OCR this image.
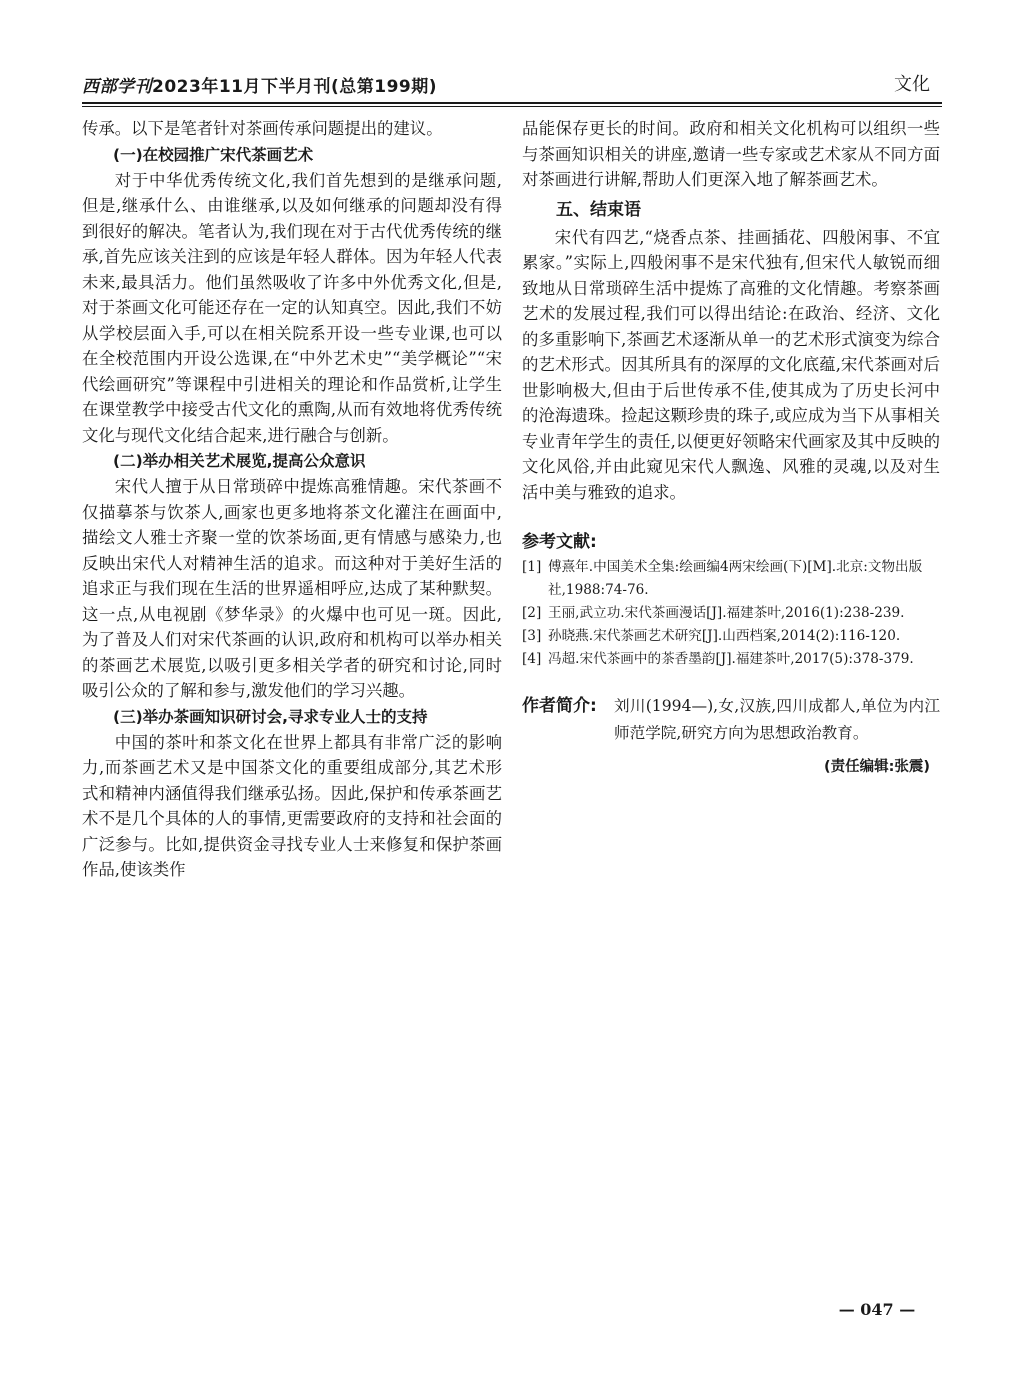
西部学刊2023年11月下半月刊(总第199期)	文化

传承。以下是笔者针对茶画传承问题提出的建议。

(一)在校园推广宋代茶画艺术

对于中华优秀传统文化,我们首先想到的是继承问题,但是,继承什么、由谁继承,以及如何继承的问题却没有得到很好的解决。笔者认为,我们现在对于古代优秀传统的继承,首先应该关注到的应该是年轻人群体。因为年轻人代表未来,最具活力。他们虽然吸收了许多中外优秀文化,但是,对于茶画文化可能还存在一定的认知真空。因此,我们不妨从学校层面入手,可以在相关院系开设一些专业课,也可以在全校范围内开设公选课,在“中外艺术史”“美学概论”“宋代绘画研究”等课程中引进相关的理论和作品赏析,让学生在课堂教学中接受古代文化的熏陶,从而有效地将优秀传统文化与现代文化结合起来,进行融合与创新。

(二)举办相关艺术展览,提高公众意识

宋代人擅于从日常琐碎中提炼高雅情趣。宋代茶画不仅描摹茶与饮茶人,画家也更多地将茶文化灌注在画面中,描绘文人雅士齐聚一堂的饮茶场面,更有情感与感染力,也反映出宋代人对精神生活的追求。而这种对于美好生活的追求正与我们现在生活的世界遥相呼应,达成了某种默契。这一点,从电视剧《梦华录》的火爆中也可见一斑。因此,为了普及人们对宋代茶画的认识,政府和机构可以举办相关的茶画艺术展览,以吸引更多相关学者的研究和讨论,同时吸引公众的了解和参与,激发他们的学习兴趣。

(三)举办茶画知识研讨会,寻求专业人士的支持

中国的茶叶和茶文化在世界上都具有非常广泛的影响力,而茶画艺术又是中国茶文化的重要组成部分,其艺术形式和精神内涵值得我们继承弘扬。因此,保护和传承茶画艺术不是几个具体的人的事情,更需要政府的支持和社会面的广泛参与。比如,提供资金寻找专业人士来修复和保护茶画作品,使该类作

品能保存更长的时间。政府和相关文化机构可以组织一些与茶画知识相关的讲座,邀请一些专家或艺术家从不同方面对茶画进行讲解,帮助人们更深入地了解茶画艺术。

五、结束语

宋代有四艺,“烧香点茶、挂画插花、四般闲事、不宜累家。”实际上,四般闲事不是宋代独有,但宋代人敏锐而细致地从日常琐碎生活中提炼了高雅的文化情趣。考察茶画艺术的发展过程,我们可以得出结论:在政治、经济、文化的多重影响下,茶画艺术逐渐从单一的艺术形式演变为综合的艺术形式。因其所具有的深厚的文化底蕴,宋代茶画对后世影响极大,但由于后世传承不佳,使其成为了历史长河中的沧海遗珠。捡起这颗珍贵的珠子,或应成为当下从事相关专业青年学生的责任,以便更好领略宋代画家及其中反映的文化风俗,并由此窥见宋代人飘逸、风雅的灵魂,以及对生活中美与雅致的追求。

参考文献:
[1] 傅熹年.中国美术全集:绘画编4两宋绘画(下)[M].北京:文物出版社,1988:74-76.
[2] 王丽,武立功.宋代茶画漫话[J].福建茶叶,2016(1):238-239.
[3] 孙晓燕.宋代茶画艺术研究[J].山西档案,2014(2):116-120.
[4] 冯超.宋代茶画中的茶香墨韵[J].福建茶叶,2017(5):378-379.
作者简介: 刘川(1994—),女,汉族,四川成都人,单位为内江师范学院,研究方向为思想政治教育。
(责任编辑:张震)
— 047 —
